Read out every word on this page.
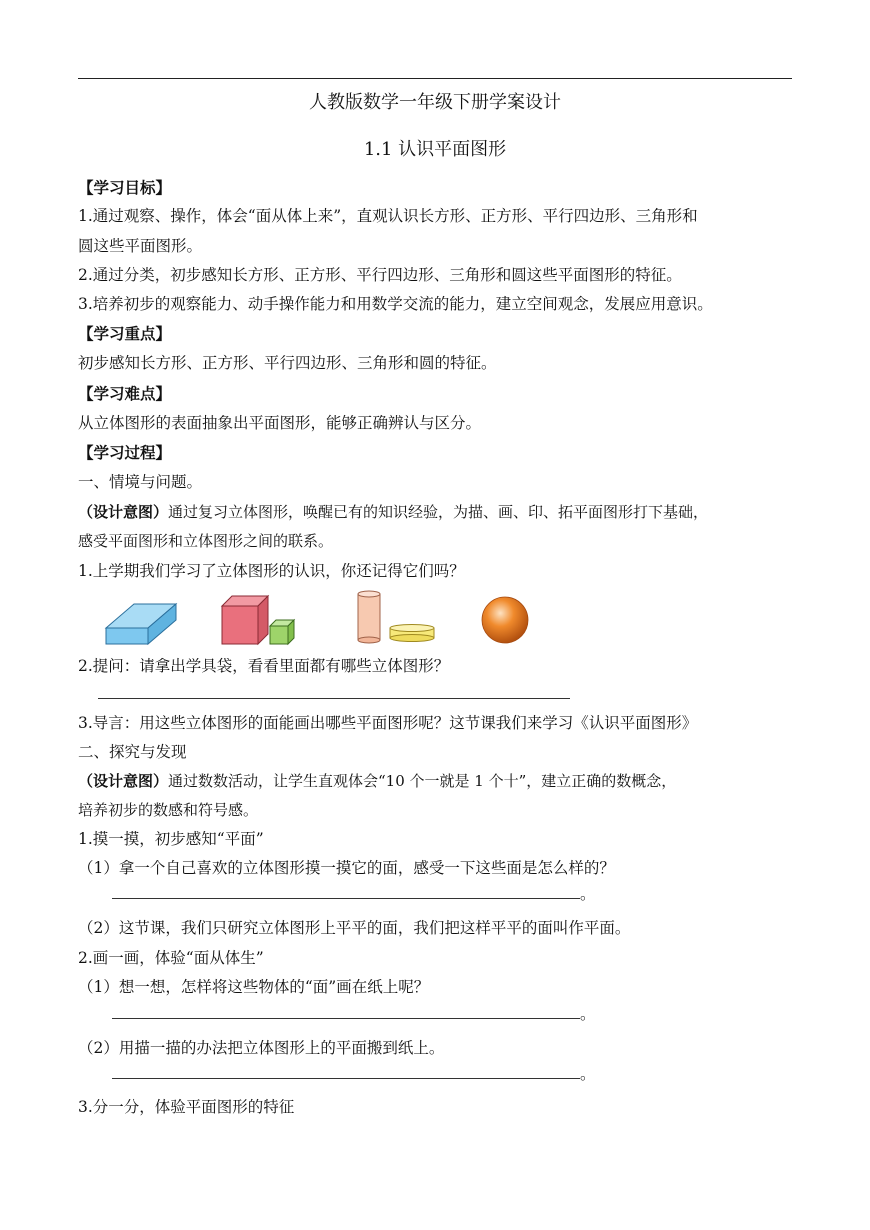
人教版数学一年级下册学案设计
1.1 认识平面图形
【学习目标】
1.通过观察、操作，体会“面从体上来”，直观认识长方形、正方形、平行四边形、三角形和
圆这些平面图形。
2.通过分类，初步感知长方形、正方形、平行四边形、三角形和圆这些平面图形的特征。
3.培养初步的观察能力、动手操作能力和用数学交流的能力，建立空间观念，发展应用意识。
【学习重点】
初步感知长方形、正方形、平行四边形、三角形和圆的特征。
【学习难点】
从立体图形的表面抽象出平面图形，能够正确辨认与区分。
【学习过程】
一、情境与问题。
（设计意图）通过复习立体图形，唤醒已有的知识经验，为描、画、印、拓平面图形打下基础，
感受平面图形和立体图形之间的联系。
1.上学期我们学习了立体图形的认识，你还记得它们吗？
2.提问：请拿出学具袋，看看里面都有哪些立体图形？
3.导言：用这些立体图形的面能画出哪些平面图形呢？这节课我们来学习《认识平面图形》
二、探究与发现
（设计意图）通过数数活动，让学生直观体会“10 个一就是 1 个十”，建立正确的数概念，
培养初步的数感和符号感。
1.摸一摸，初步感知“平面”
（1）拿一个自己喜欢的立体图形摸一摸它的面，感受一下这些面是怎么样的？
。
（2）这节课，我们只研究立体图形上平平的面，我们把这样平平的面叫作平面。
2.画一画，体验“面从体生”
（1）想一想，怎样将这些物体的“面”画在纸上呢？
。
（2）用描一描的办法把立体图形上的平面搬到纸上。
。
3.分一分，体验平面图形的特征
